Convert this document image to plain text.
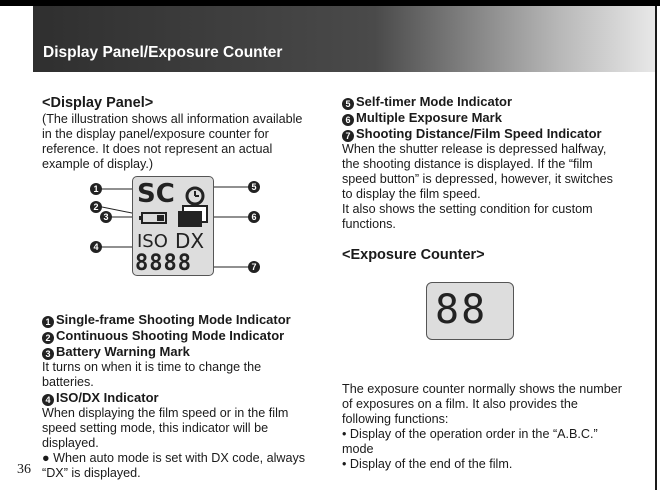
Display Panel/Exposure Counter
<Display Panel>

(The illustration shows all information available in the display panel/exposure counter for reference. It does not represent an actual example of display.)

1 Single-frame Shooting Mode Indicator
2 Continuous Shooting Mode Indicator
3 Battery Warning Mark

It turns on when it is time to change the batteries.

4 ISO/DX Indicator

When displaying the film speed or in the film speed setting mode, this indicator will be displayed.

● When auto mode is set with DX code, always “DX” is displayed.

SC
ISO DX
8888
1
2
3
4
5
6
7
5 Self-timer Mode Indicator
6 Multiple Exposure Mark
7 Shooting Distance/Film Speed Indicator

When the shutter release is depressed halfway, the shooting distance is displayed. If the “film speed button” is depressed, however, it switches to display the film speed.

It also shows the setting condition for custom functions.

<Exposure Counter>

The exposure counter normally shows the number of exposures on a film. It also provides the following functions:

• Display of the operation order in the “A.B.C.” mode

• Display of the end of the film.

88
36
